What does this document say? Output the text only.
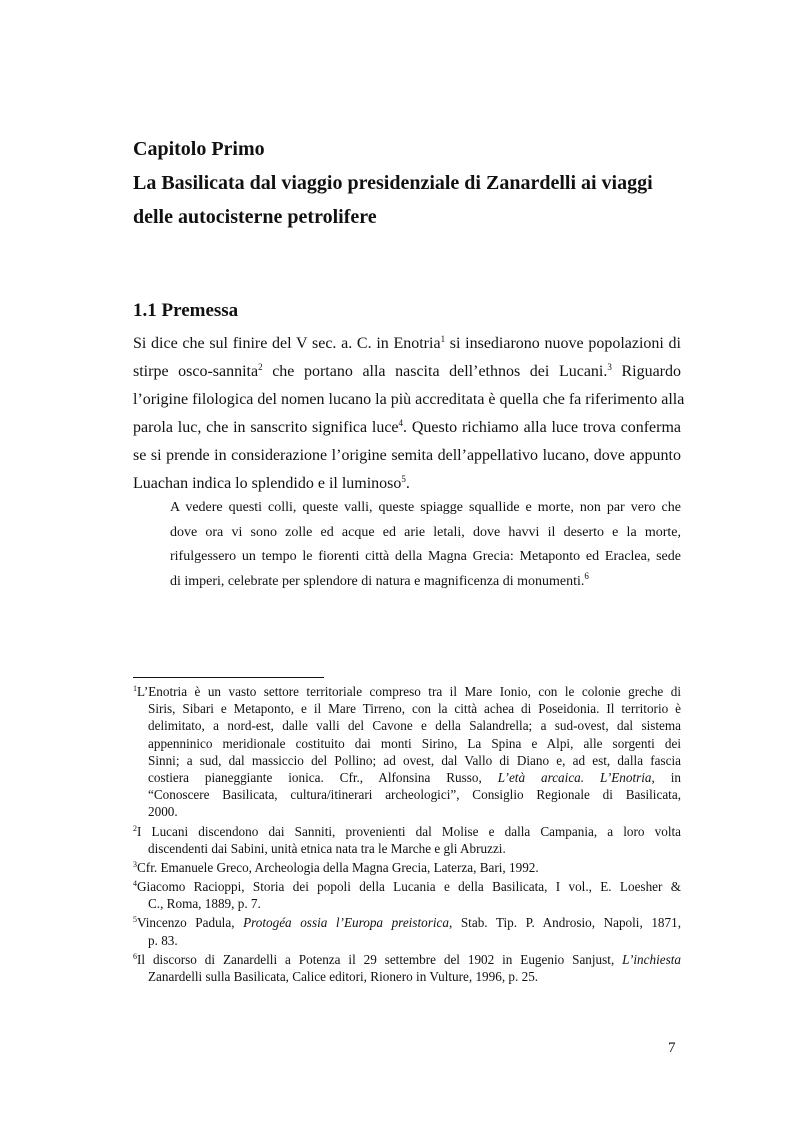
Capitolo Primo
La Basilicata dal viaggio presidenziale di Zanardelli ai viaggi
delle autocisterne petrolifere
1.1 Premessa
Si dice che sul finire del V sec. a. C. in Enotria$^1$ si insediarono nuove popolazioni di
stirpe osco-sannita$^2$ che portano alla nascita dell’ethnos dei Lucani.$^3$ Riguardo
l’origine filologica del nomen lucano la più accreditata è quella che fa riferimento alla
parola luc, che in sanscrito significa luce$^4$. Questo richiamo alla luce trova conferma
se si prende in considerazione l’origine semita dell’appellativo lucano, dove appunto
Luachan indica lo splendido e il luminoso$^5$.
A vedere questi colli, queste valli, queste spiagge squallide e morte, non par vero che
dove ora vi sono zolle ed acque ed arie letali, dove havvi il deserto e la morte,
rifulgessero un tempo le fiorenti città della Magna Grecia: Metaponto ed Eraclea, sede
di imperi, celebrate per splendore di natura e magnificenza di monumenti.$^6$
$^1$L’Enotria è un vasto settore territoriale compreso tra il Mare Ionio, con le colonie greche di
Siris, Sibari e Metaponto, e il Mare Tirreno, con la città achea di Poseidonia. Il territorio è
delimitato, a nord-est, dalle valli del Cavone e della Salandrella; a sud-ovest, dal sistema
appenninico meridionale costituito dai monti Sirino, La Spina e Alpi, alle sorgenti dei
Sinni; a sud, dal massiccio del Pollino; ad ovest, dal Vallo di Diano e, ad est, dalla fascia
costiera pianeggiante ionica. Cfr., Alfonsina Russo, L’età arcaica. L’Enotria, in
“Conoscere Basilicata, cultura/itinerari archeologici”, Consiglio Regionale di Basilicata,
2000.
$^2$I Lucani discendono dai Sanniti, provenienti dal Molise e dalla Campania, a loro volta
discendenti dai Sabini, unità etnica nata tra le Marche e gli Abruzzi.
$^3$Cfr. Emanuele Greco, Archeologia della Magna Grecia, Laterza, Bari, 1992.
$^4$Giacomo Racioppi, Storia dei popoli della Lucania e della Basilicata, I vol., E. Loesher &
C., Roma, 1889, p. 7.
$^5$Vincenzo Padula, Protogéa ossia l’Europa preistorica, Stab. Tip. P. Androsio, Napoli, 1871,
p. 83.
$^6$Il discorso di Zanardelli a Potenza il 29 settembre del 1902 in Eugenio Sanjust, L’inchiesta
Zanardelli sulla Basilicata, Calice editori, Rionero in Vulture, 1996, p. 25.
7
